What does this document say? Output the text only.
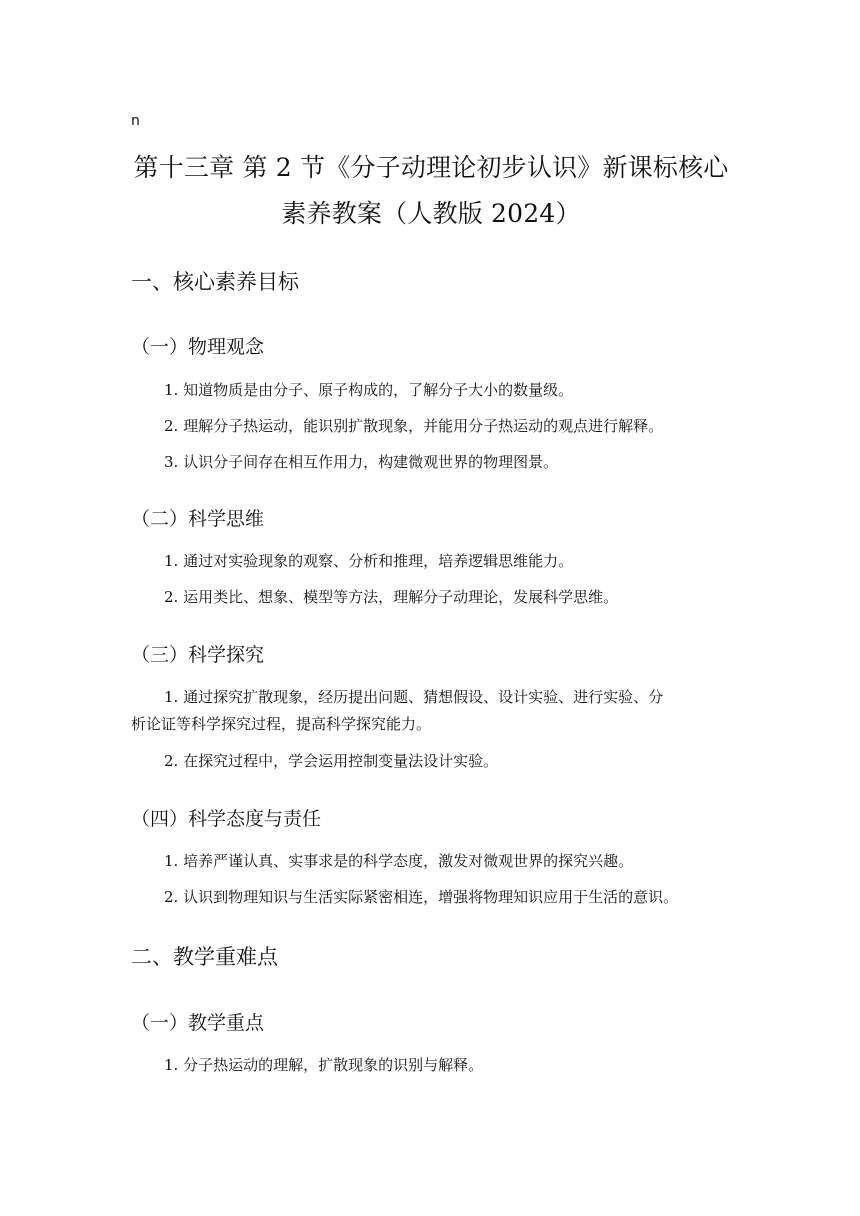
n
第十三章 第 2 节《分子动理论初步认识》新课标核心
素养教案（人教版 2024）
一、核心素养目标
（一）物理观念
1. 知道物质是由分子、原子构成的，了解分子大小的数量级。
2. 理解分子热运动，能识别扩散现象，并能用分子热运动的观点进行解释。
3. 认识分子间存在相互作用力，构建微观世界的物理图景。
（二）科学思维
1. 通过对实验现象的观察、分析和推理，培养逻辑思维能力。
2. 运用类比、想象、模型等方法，理解分子动理论，发展科学思维。
（三）科学探究
1. 通过探究扩散现象，经历提出问题、猜想假设、设计实验、进行实验、分
析论证等科学探究过程，提高科学探究能力。
2. 在探究过程中，学会运用控制变量法设计实验。
（四）科学态度与责任
1. 培养严谨认真、实事求是的科学态度，激发对微观世界的探究兴趣。
2. 认识到物理知识与生活实际紧密相连，增强将物理知识应用于生活的意识。
二、教学重难点
（一）教学重点
1. 分子热运动的理解，扩散现象的识别与解释。
